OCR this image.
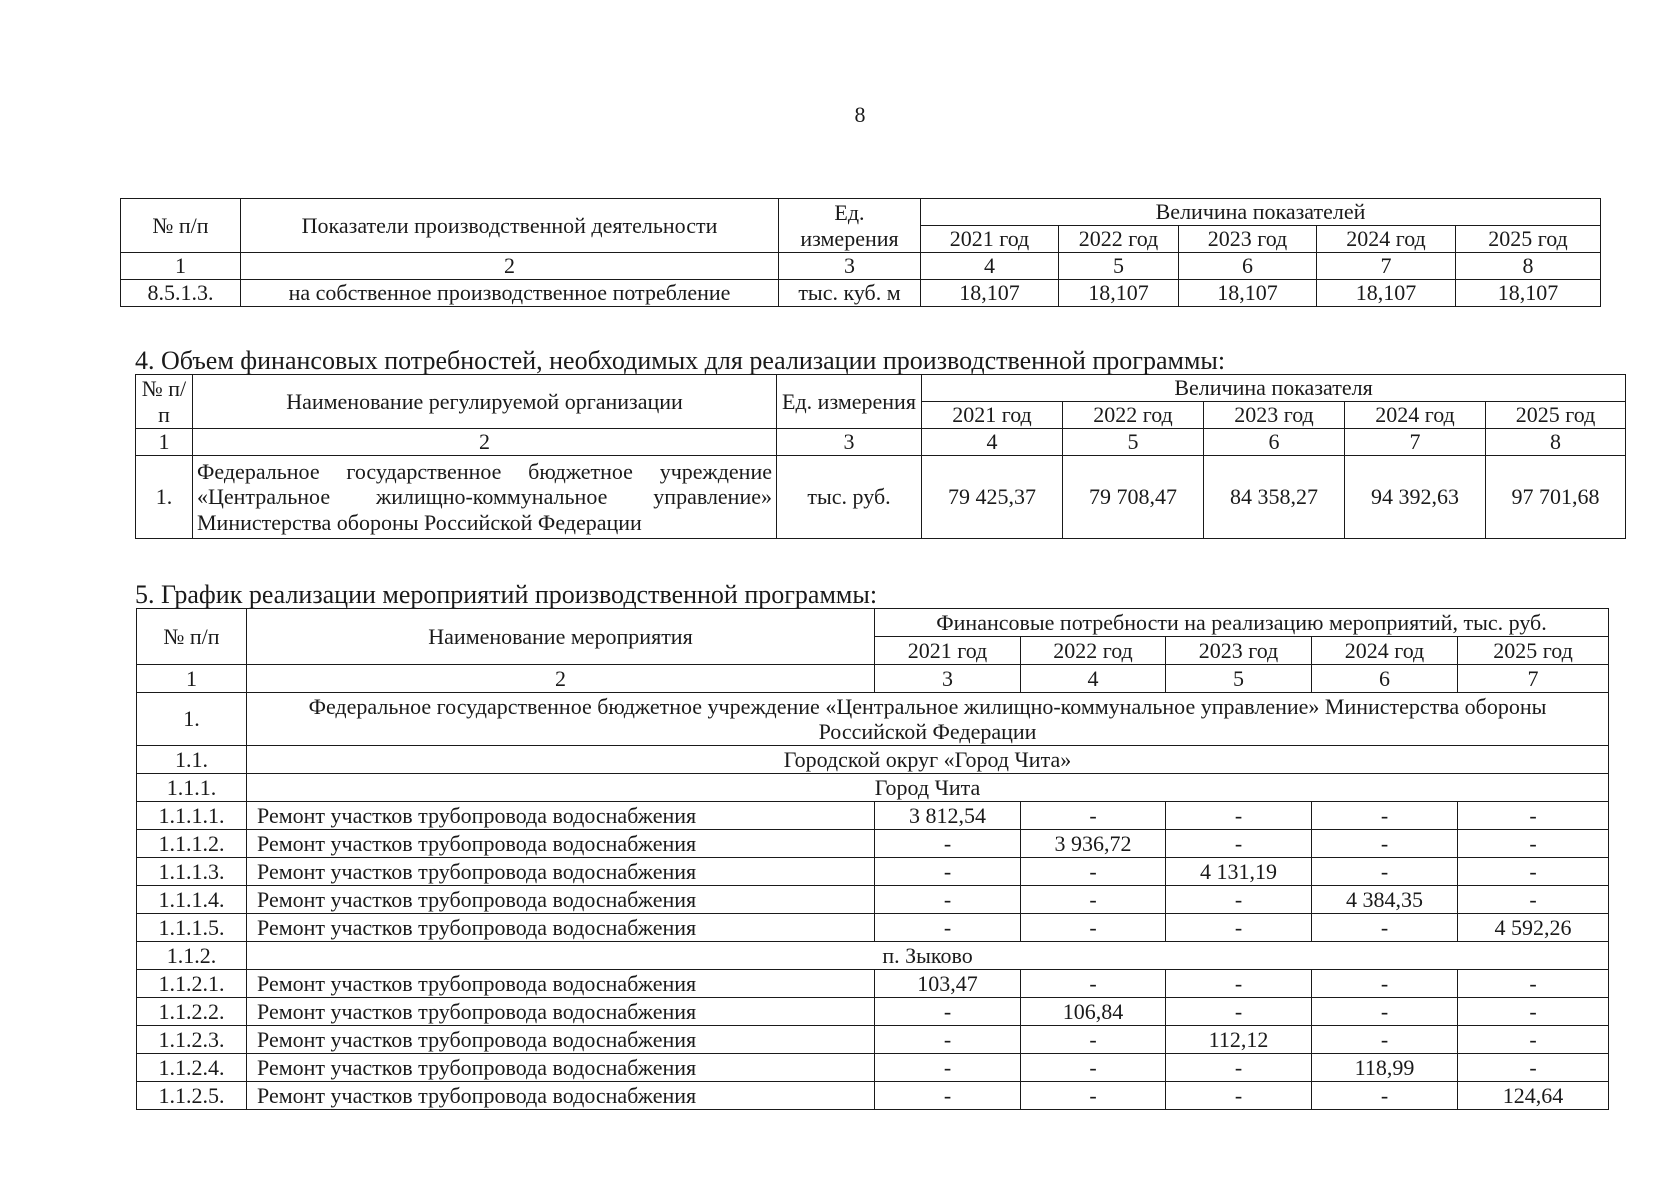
8
№ п/п	Показатели производственной деятельности	Ед. измерения	Величина показателей				
			2021 год	2022 год	2023 год	2024 год	2025 год
1	2	3	4	5	6	7	8
8.5.1.3.	на собственное производственное потребление	тыс. куб. м	18,107	18,107	18,107	18,107	18,107
4. Объем финансовых потребностей, необходимых для реализации производственной программы:
№ п/п	Наименование регулируемой организации	Ед. измерения	Величина показателя				
			2021 год	2022 год	2023 год	2024 год	2025 год
1	2	3	4	5	6	7	8
1.	Федеральное государственное бюджетное учреждение «Центральное жилищно-коммунальное управление» Министерства обороны Российской Федерации	тыс. руб.	79 425,37	79 708,47	84 358,27	94 392,63	97 701,68
5. График реализации мероприятий производственной программы:
№ п/п	Наименование мероприятия	Финансовые потребности на реализацию мероприятий, тыс. руб.				
		2021 год	2022 год	2023 год	2024 год	2025 год
1	2	3	4	5	6	7
1.	Федеральное государственное бюджетное учреждение «Центральное жилищно-коммунальное управление» Министерства обороны Российской Федерации					
1.1.	Городской округ «Город Чита»					
1.1.1.	Город Чита					
1.1.1.1.	Ремонт участков трубопровода водоснабжения	3 812,54	-	-	-	-
1.1.1.2.	Ремонт участков трубопровода водоснабжения	-	3 936,72	-	-	-
1.1.1.3.	Ремонт участков трубопровода водоснабжения	-	-	4 131,19	-	-
1.1.1.4.	Ремонт участков трубопровода водоснабжения	-	-	-	4 384,35	-
1.1.1.5.	Ремонт участков трубопровода водоснабжения	-	-	-	-	4 592,26
1.1.2.	п. Зыково					
1.1.2.1.	Ремонт участков трубопровода водоснабжения	103,47	-	-	-	-
1.1.2.2.	Ремонт участков трубопровода водоснабжения	-	106,84	-	-	-
1.1.2.3.	Ремонт участков трубопровода водоснабжения	-	-	112,12	-	-
1.1.2.4.	Ремонт участков трубопровода водоснабжения	-	-	-	118,99	-
1.1.2.5.	Ремонт участков трубопровода водоснабжения	-	-	-	-	124,64
